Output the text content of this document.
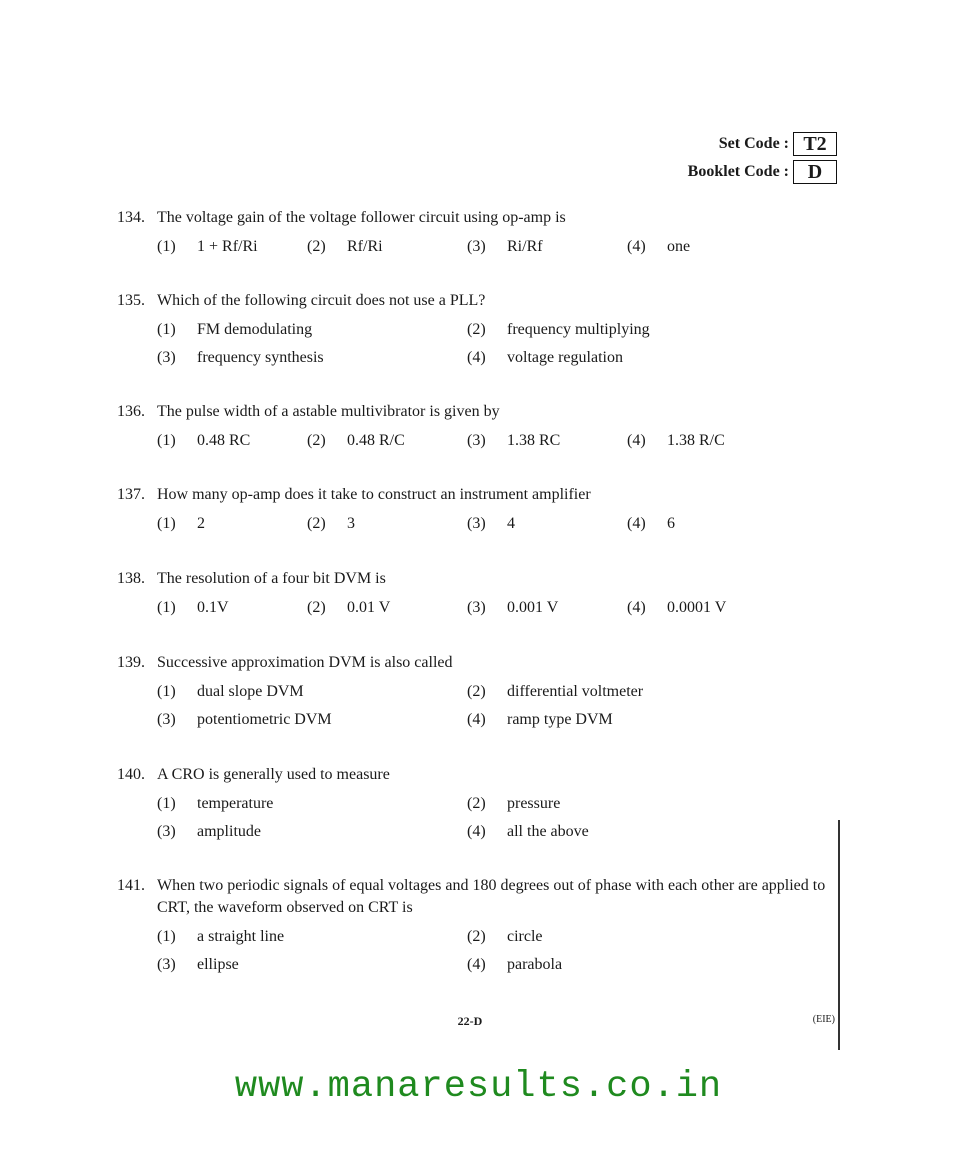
Set Code : T2
Booklet Code : D
134. The voltage gain of the voltage follower circuit using op-amp is
(1)	1 + Rf/Ri	(2)	Rf/Ri	(3)	Ri/Rf	(4)	one
135. Which of the following circuit does not use a PLL?
(1)	FM demodulating	(2)	frequency multiplying
(3)	frequency synthesis	(4)	voltage regulation
136. The pulse width of a astable multivibrator is given by
(1)	0.48 RC	(2)	0.48 R/C	(3)	1.38 RC	(4)	1.38 R/C
137. How many op-amp does it take to construct an instrument amplifier
(1)	2	(2)	3	(3)	4	(4)	6
138. The resolution of a four bit DVM is
(1)	0.1V	(2)	0.01 V	(3)	0.001 V	(4)	0.0001 V
139. Successive approximation DVM is also called
(1)	dual slope DVM	(2)	differential voltmeter
(3)	potentiometric DVM	(4)	ramp type DVM
140. A CRO is generally used to measure
(1)	temperature	(2)	pressure
(3)	amplitude	(4)	all the above
141. When two periodic signals of equal voltages and 180 degrees out of phase with each other are applied to CRT, the waveform observed on CRT is
(1)	a straight line	(2)	circle
(3)	ellipse	(4)	parabola
22-D	(EIE)
www.manaresults.co.in
